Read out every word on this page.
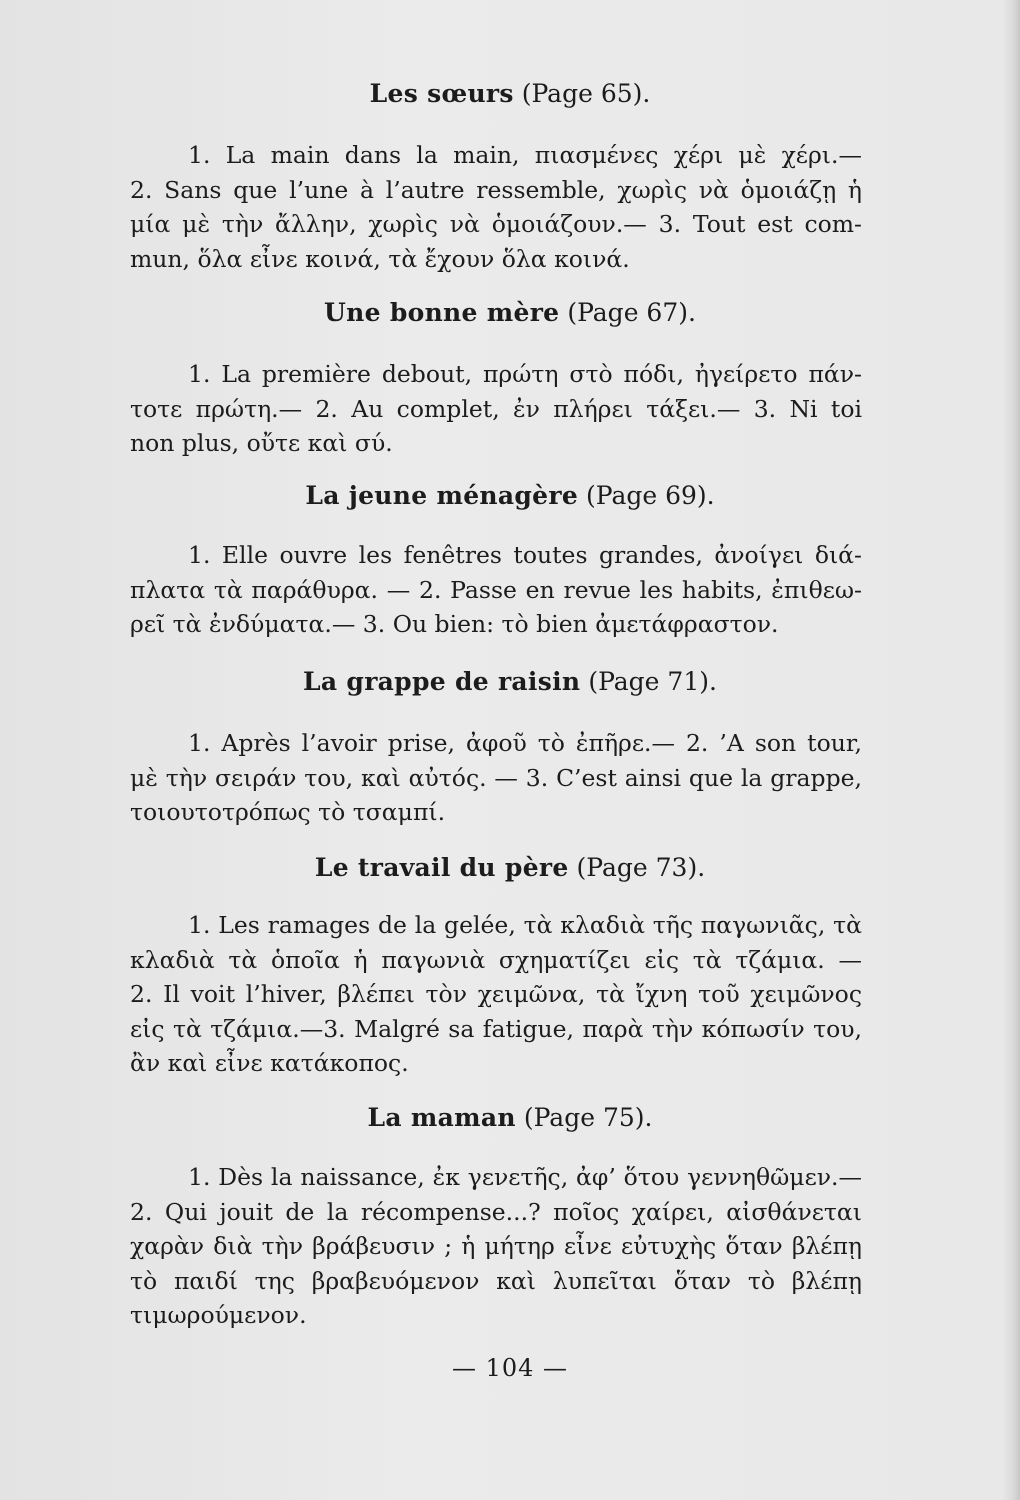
Les sœurs (Page 65).
1. La main dans la main, πιασμένες χέρι μὲ χέρι.—
2. Sans que l’une à l’autre ressemble, χωρὶς νὰ ὁμοιάζῃ ἡ
μία μὲ τὴν ἄλλην, χωρὶς νὰ ὁμοιάζουν.— 3. Tout est com-
mun, ὅλα εἶνε κοινά, τὰ ἔχουν ὅλα κοινά.
Une bonne mère (Page 67).
1. La première debout, πρώτη στὸ πόδι, ἠγείρετο πάν-
τοτε πρώτη.— 2. Au complet, ἐν πλήρει τάξει.— 3. Ni toi
non plus, οὔτε καὶ σύ.
La jeune ménagère (Page 69).
1. Elle ouvre les fenêtres toutes grandes, ἀνοίγει διά-
πλατα τὰ παράθυρα. — 2. Passe en revue les habits, ἐπιθεω-
ρεῖ τὰ ἐνδύματα.— 3. Ou bien: τὸ bien ἀμετάφραστον.
La grappe de raisin (Page 71).
1. Après l’avoir prise, ἀφοῦ τὸ ἐπῆρε.— 2. ’A son tour,
μὲ τὴν σειράν του, καὶ αὐτός. — 3. C’est ainsi que la grappe,
τοιουτοτρόπως τὸ τσαμπί.
Le travail du père (Page 73).
1. Les ramages de la gelée, τὰ κλαδιὰ τῆς παγωνιᾶς, τὰ
κλαδιὰ τὰ ὁποῖα ἡ παγωνιὰ σχηματίζει εἰς τὰ τζάμια. —
2. Il voit l’hiver, βλέπει τὸν χειμῶνα, τὰ ἴχνη τοῦ χειμῶνος
εἰς τὰ τζάμια.—3. Malgré sa fatigue, παρὰ τὴν κόπωσίν του,
ἂν καὶ εἶνε κατάκοπος.
La maman (Page 75).
1. Dès la naissance, ἐκ γενετῆς, ἀφ’ ὅτου γεννηθῶμεν.—
2. Qui jouit de la récompense...? ποῖος χαίρει, αἰσθάνεται
χαρὰν διὰ τὴν βράβευσιν ; ἡ μήτηρ εἶνε εὐτυχὴς ὅταν βλέπῃ
τὸ παιδί της βραβευόμενον καὶ λυπεῖται ὅταν τὸ βλέπῃ
τιμωρούμενον.
— 104 —
